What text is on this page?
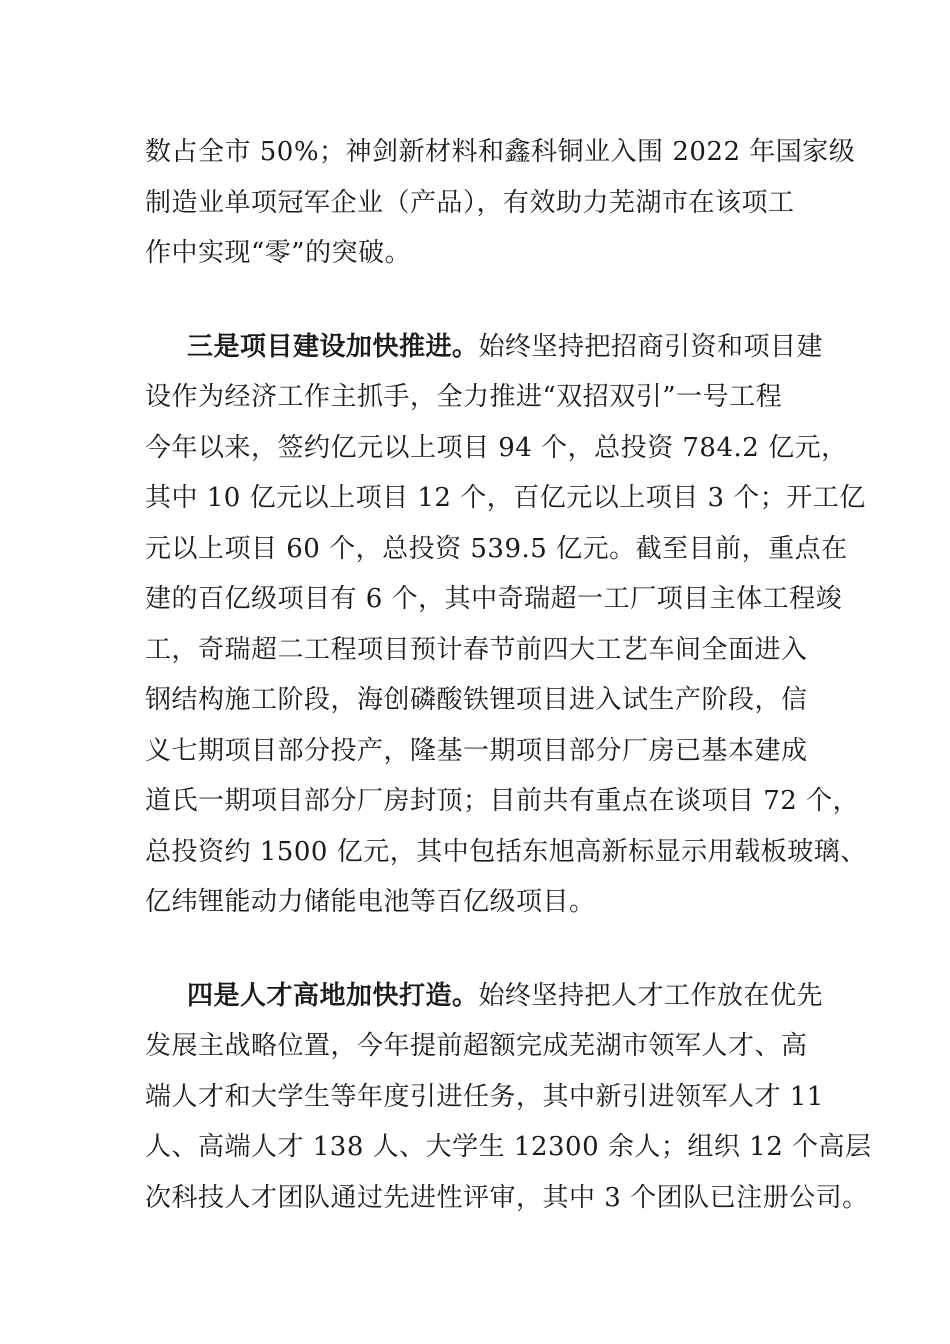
数占全市 50%；神剑新材料和鑫科铜业入围 2022 年国家级
制造业单项冠军企业（产品），有效助力芜湖市在该项工
作中实现“零”的突破。
三是项目建设加快推进。始终坚持把招商引资和项目建
设作为经济工作主抓手，全力推进“双招双引”一号工程
今年以来，签约亿元以上项目 94 个，总投资 784.2 亿元，
其中 10 亿元以上项目 12 个，百亿元以上项目 3 个；开工亿
元以上项目 60 个，总投资 539.5 亿元。截至目前，重点在
建的百亿级项目有 6 个，其中奇瑞超一工厂项目主体工程竣
工，奇瑞超二工程项目预计春节前四大工艺车间全面进入
钢结构施工阶段，海创磷酸铁锂项目进入试生产阶段，信
义七期项目部分投产，隆基一期项目部分厂房已基本建成
道氏一期项目部分厂房封顶；目前共有重点在谈项目 72 个，
总投资约 1500 亿元，其中包括东旭高新标显示用载板玻璃、
亿纬锂能动力储能电池等百亿级项目。
四是人才高地加快打造。始终坚持把人才工作放在优先
发展主战略位置，今年提前超额完成芜湖市领军人才、高
端人才和大学生等年度引进任务，其中新引进领军人才 11
人、高端人才 138 人、大学生 12300 余人；组织 12 个高层
次科技人才团队通过先进性评审，其中 3 个团队已注册公司。
